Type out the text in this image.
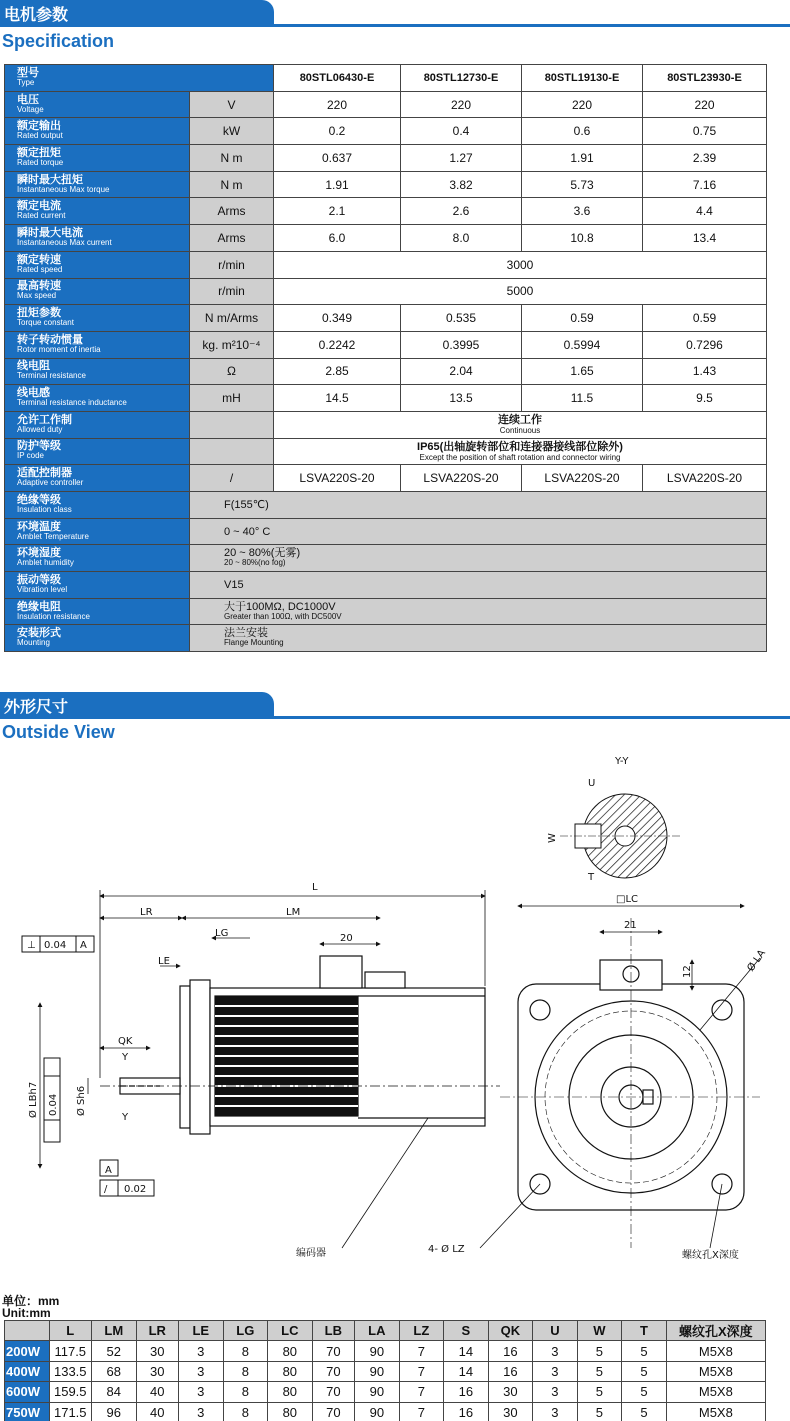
电机参数
Specification
型号
Type		80STL06430-E	80STL12730-E	80STL19130-E	80STL23930-E

电压
Voltage	V	220	220	220	220

额定输出
Rated output	kW	0.2	0.4	0.6	0.75

额定扭矩
Rated torque	N m	0.637	1.27	1.91	2.39

瞬时最大扭矩
Instantaneous Max torque	N m	1.91	3.82	5.73	7.16

额定电流
Rated current	Arms	2.1	2.6	3.6	4.4

瞬时最大电流
Instantaneous Max current	Arms	6.0	8.0	10.8	13.4

额定转速
Rated speed	r/min	3000			

最高转速
Max speed	r/min	5000			

扭矩参数
Torque constant	N m/Arms	0.349	0.535	0.59	0.59

转子转动惯量
Rotor moment of inertia	kg. m²10⁻⁴	0.2242	0.3995	0.5994	0.7296

线电阻
Terminal resistance	Ω	2.85	2.04	1.65	1.43

线电感
Terminal resistance inductance	mH	14.5	13.5	11.5	9.5

允许工作制
Allowed duty		连续工作
Continuous			

防护等级
IP code		IP65(出轴旋转部位和连接器接线部位除外)
Except the position of shaft rotation and connector wiring			

适配控制器
Adaptive controller	/	LSVA220S-20	LSVA220S-20	LSVA220S-20	LSVA220S-20

绝缘等级
Insulation class	F(155℃)				

环境温度
Amblet Temperature	0 ~ 40° C				

环境湿度
Amblet humidity	20 ~ 80%(无雾)
20 ~ 80%(no fog)				

振动等级
Vibration level	V15				

绝缘电阻
Insulation resistance	大于100MΩ, DC1000V
Greater than 100Ω, with DC500V				

安装形式
Mounting	法兰安装
Flange Mounting				
外形尺寸
Outside View
L
LR	LM
LG	20
LE
QK
Y
Y
Ø LBh7	Ø Sh6
⊥ 0.04 A
0.04
A
/ 0.02
编码器
Y-Y
U
W
T
□LC
21
12	Ø LA
4- Ø LZ
螺纹孔X深度
单位：mm
Unit:mm
	L	LM	LR	LE	LG	LC	LB	LA	LZ	S	QK	U	W	T	螺纹孔X深度
200W	117.5	52	30	3	8	80	70	90	7	14	16	3	5	5	M5X8
400W	133.5	68	30	3	8	80	70	90	7	14	16	3	5	5	M5X8
600W	159.5	84	40	3	8	80	70	90	7	16	30	3	5	5	M5X8
750W	171.5	96	40	3	8	80	70	90	7	16	30	3	5	5	M5X8
